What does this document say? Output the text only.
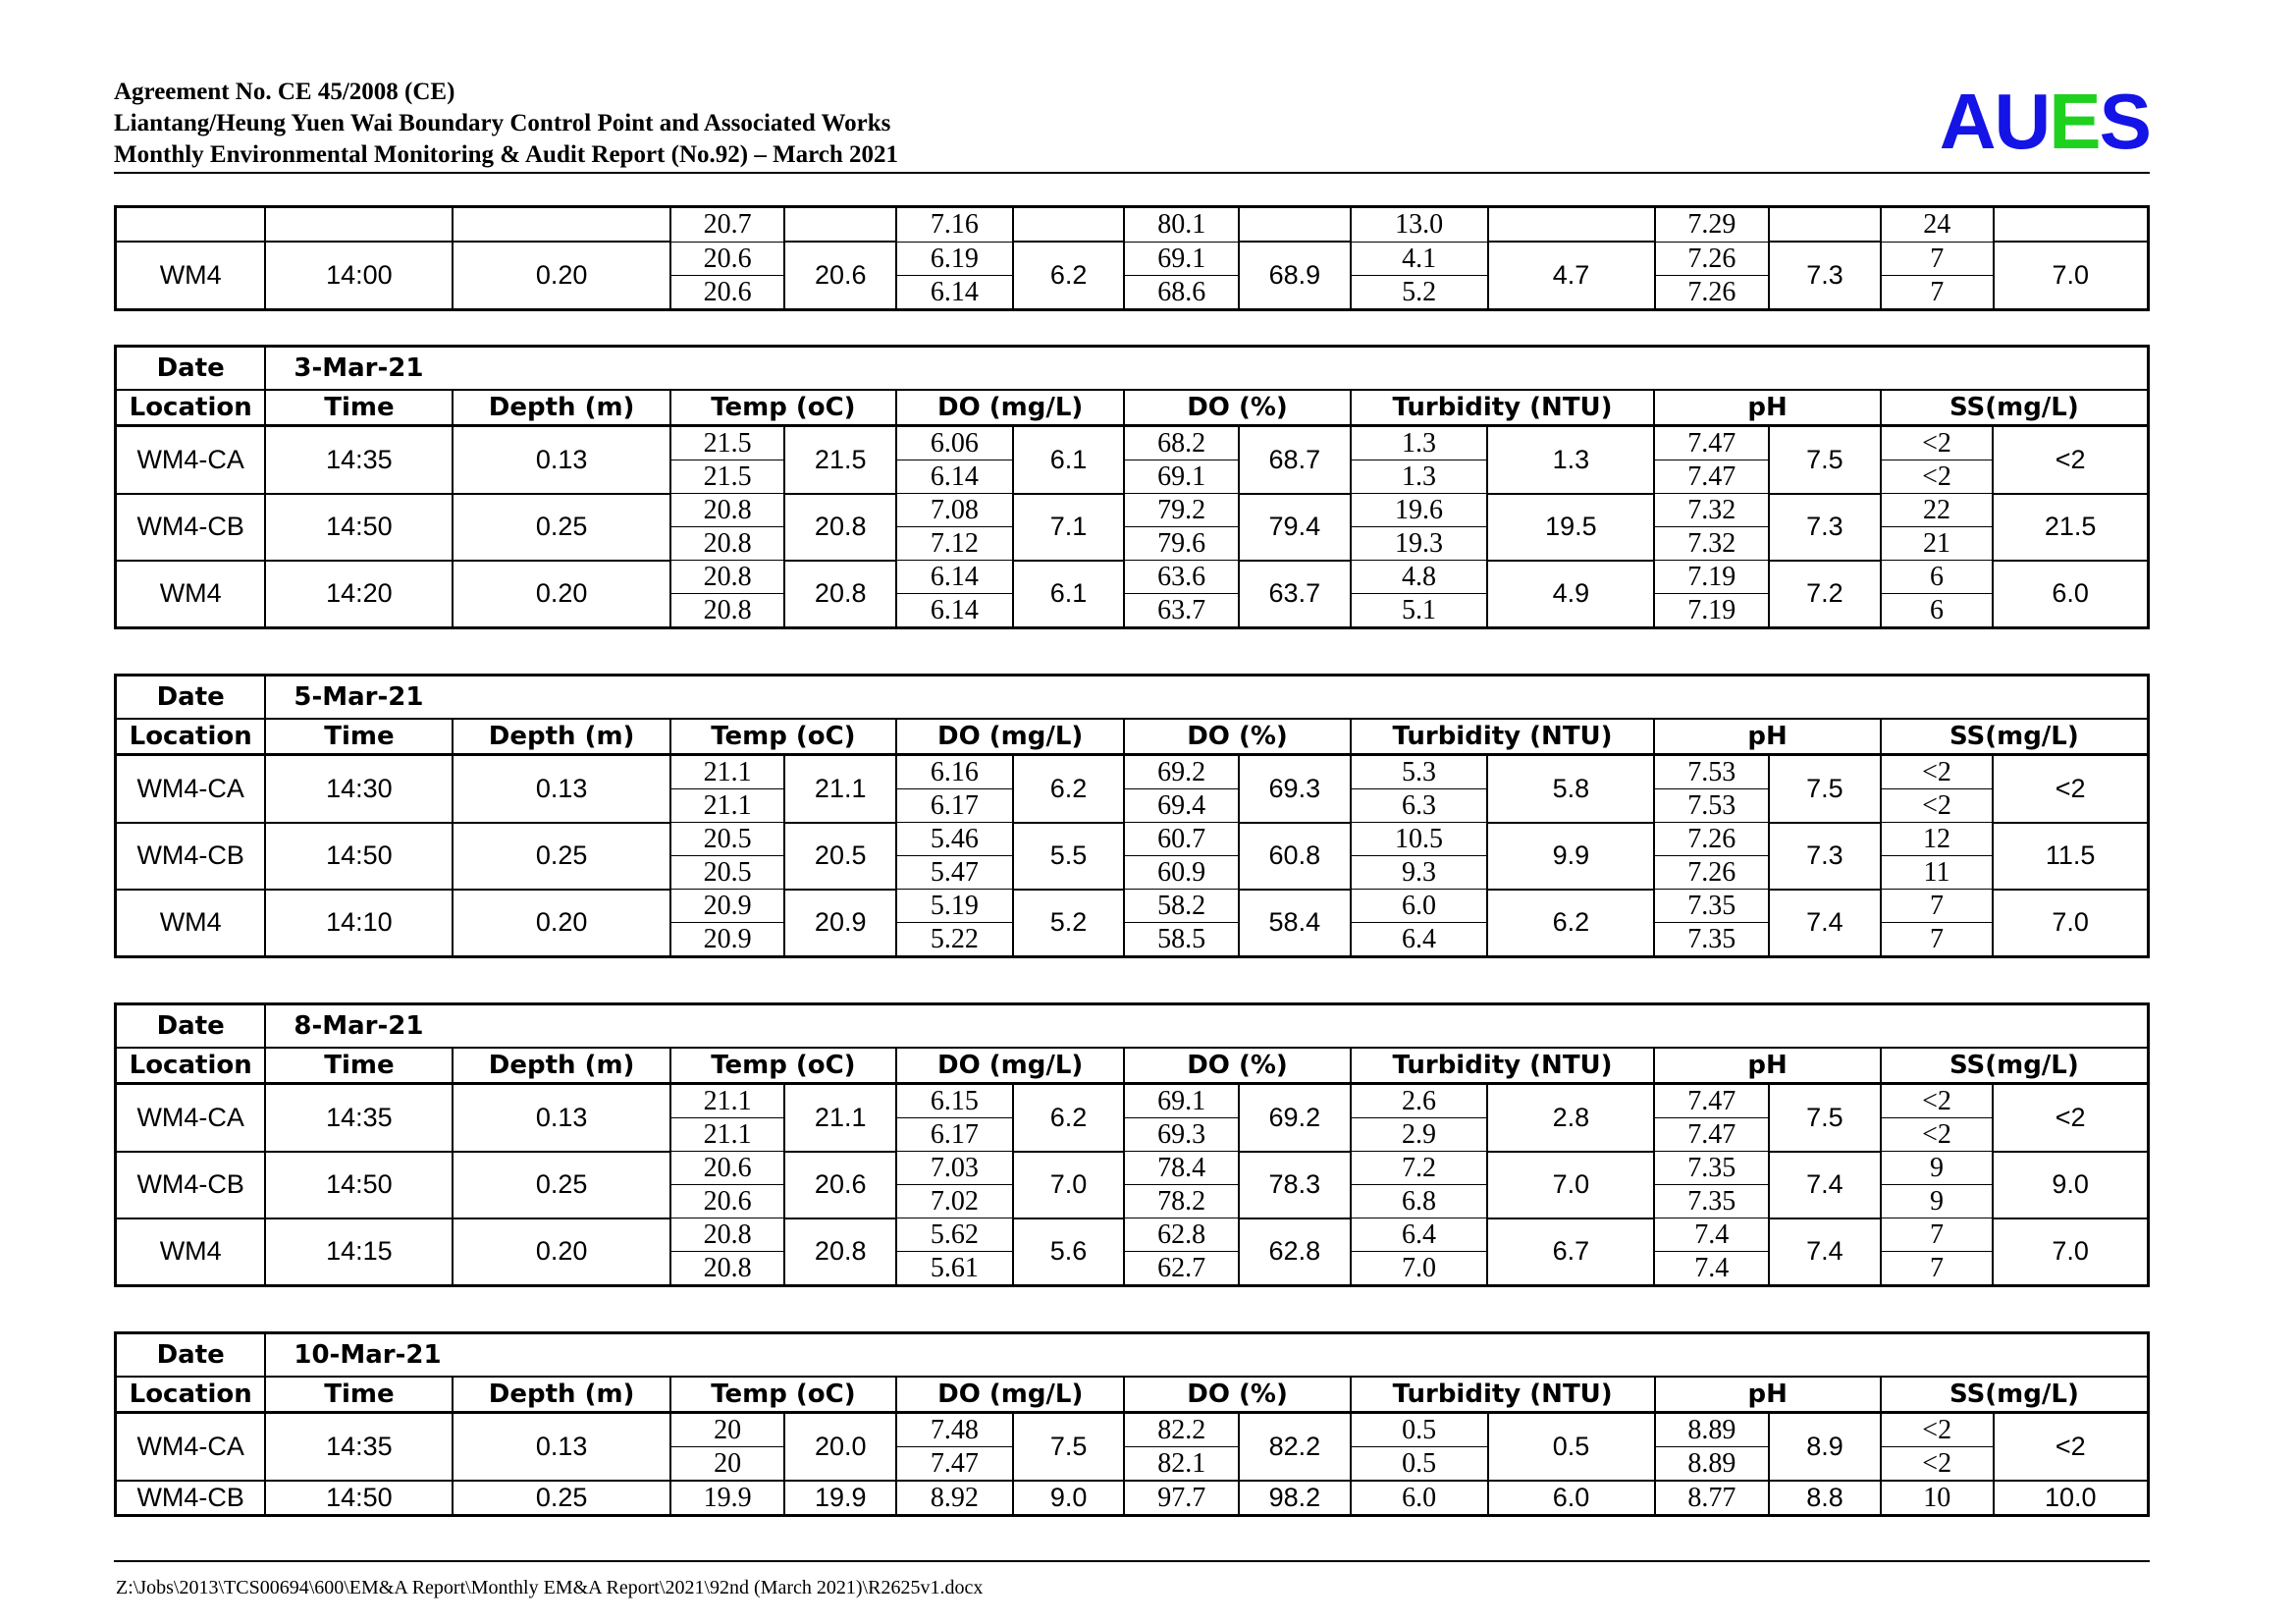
Agreement No. CE 45/2008 (CE)
Liantang/Heung Yuen Wai Boundary Control Point and Associated Works
Monthly Environmental Monitoring & Audit Report (No.92) – March 2021	AUES
			20.7		7.16		80.1		13.0		7.29		24	
WM4	14:00	0.20	20.6	20.6	6.19	6.2	69.1	68.9	4.1	4.7	7.26	7.3	7	7.0
			20.6		6.14		68.6		5.2		7.26		7	
Date	3-Mar-21													
Location	Time	Depth (m)	Temp (oC)		DO (mg/L)		DO (%)		Turbidity (NTU)		pH		SS(mg/L)	
WM4-CA	14:35	0.13	21.5	21.5	6.06	6.1	68.2	68.7	1.3	1.3	7.47	7.5	<2	<2
			21.5		6.14		69.1		1.3		7.47		<2	
WM4-CB	14:50	0.25	20.8	20.8	7.08	7.1	79.2	79.4	19.6	19.5	7.32	7.3	22	21.5
			20.8		7.12		79.6		19.3		7.32		21	
WM4	14:20	0.20	20.8	20.8	6.14	6.1	63.6	63.7	4.8	4.9	7.19	7.2	6	6.0
			20.8		6.14		63.7		5.1		7.19		6	
Date	5-Mar-21													
Location	Time	Depth (m)	Temp (oC)		DO (mg/L)		DO (%)		Turbidity (NTU)		pH		SS(mg/L)	
WM4-CA	14:30	0.13	21.1	21.1	6.16	6.2	69.2	69.3	5.3	5.8	7.53	7.5	<2	<2
			21.1		6.17		69.4		6.3		7.53		<2	
WM4-CB	14:50	0.25	20.5	20.5	5.46	5.5	60.7	60.8	10.5	9.9	7.26	7.3	12	11.5
			20.5		5.47		60.9		9.3		7.26		11	
WM4	14:10	0.20	20.9	20.9	5.19	5.2	58.2	58.4	6.0	6.2	7.35	7.4	7	7.0
			20.9		5.22		58.5		6.4		7.35		7	
Date	8-Mar-21													
Location	Time	Depth (m)	Temp (oC)		DO (mg/L)		DO (%)		Turbidity (NTU)		pH		SS(mg/L)	
WM4-CA	14:35	0.13	21.1	21.1	6.15	6.2	69.1	69.2	2.6	2.8	7.47	7.5	<2	<2
			21.1		6.17		69.3		2.9		7.47		<2	
WM4-CB	14:50	0.25	20.6	20.6	7.03	7.0	78.4	78.3	7.2	7.0	7.35	7.4	9	9.0
			20.6		7.02		78.2		6.8		7.35		9	
WM4	14:15	0.20	20.8	20.8	5.62	5.6	62.8	62.8	6.4	6.7	7.4	7.4	7	7.0
			20.8		5.61		62.7		7.0		7.4		7	
Date	10-Mar-21													
Location	Time	Depth (m)	Temp (oC)		DO (mg/L)		DO (%)		Turbidity (NTU)		pH		SS(mg/L)	
WM4-CA	14:35	0.13	20	20.0	7.48	7.5	82.2	82.2	0.5	0.5	8.89	8.9	<2	<2
			20		7.47		82.1		0.5		8.89		<2	
WM4-CB	14:50	0.25	19.9	19.9	8.92	9.0	97.7	98.2	6.0	6.0	8.77	8.8	10	10.0
Z:\Jobs\2013\TCS00694\600\EM&A Report\Monthly EM&A Report\2021\92nd (March 2021)\R2625v1.docx
